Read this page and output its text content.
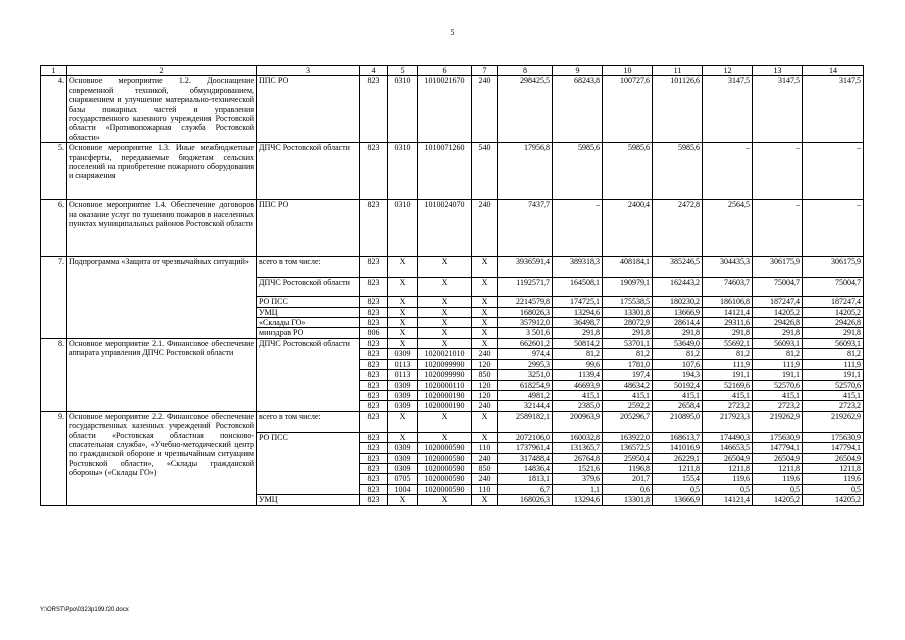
5
1	2	3	4	5	6	7	8	9	10	11	12	13	14
4.	Основное мероприятие 1.2. Дооснащение современной техникой, обмундированием, снаряжением и улучшение материально-технической базы пожарных частей и управления государственного казенного учреждения Ростовской области «Противопожарная служба Ростовской области»	ППС РО	823	0310	1010021670	240	298425,5	68243,8	100727,6	101126,6	3147,5	3147,5	3147,5
5.	Основное мероприятие 1.3. Иные межбюджетные трансферты, передаваемые бюджетам сельских поселений на приобретение пожарного оборудования и снаряжения	ДПЧС Ростовской области	823	0310	1010071260	540	17956,8	5985,6	5985,6	5985,6	–	–	–
6.	Основное мероприятие 1.4. Обеспечение договоров на оказание услуг по тушению пожаров в населенных пунктах муниципальных районов Ростовской области	ППС РО	823	0310	1010024070	240	7437,7	–	2400,4	2472,8	2564,5	–	–
7.	Подпрограмма «Защита от чрезвычайных ситуаций»	всего в том числе:	823	Х	Х	Х	3936591,4	389318,3	408184,1	385246,5	304435,3	306175,9	306175,9
		ДПЧС Ростовской области	823	Х	Х	Х	1192571,7	164508,1	190979,1	162443,2	74603,7	75004,7	75004,7
		РО ПСС	823	Х	Х	Х	2214579,8	174725,1	175538,5	180230,2	186106,8	187247,4	187247,4
		УМЦ	823	Х	Х	Х	168026,3	13294,6	13301,8	13666,9	14121,4	14205,2	14205,2
		«Склады ГО»	823	Х	Х	Х	357912,0	36498,7	28072,9	28614,4	29311,6	29426,8	29426,8
		минздрав РО	806	Х	Х	Х	3 501,6	291,8	291,8	291,8	291,8	291,8	291,8
8.	Основное мероприятие 2.1. Финансовое обеспечение аппарата управления ДПЧС Ростовской области	ДПЧС Ростовской области	823	Х	Х	Х	662601,2	50814,2	53701,1	53649,0	55692,1	56093,1	56093,1
			823	0309	1020021010	240	974,4	81,2	81,2	81,2	81,2	81,2	81,2
			823	0113	1020099990	120	2995,3	99,6	1781,0	107,6	111,9	111,9	111,9
			823	0113	1020099990	850	3251,0	1139,4	197,4	194,3	191,1	191,1	191,1
			823	0309	1020000110	120	618254,9	46693,9	48634,2	50192,4	52169,6	52570,6	52570,6
			823	0309	1020000190	120	4981,2	415,1	415,1	415,1	415,1	415,1	415,1
			823	0309	1020000190	240	32144,4	2385,0	2592,2	2658,4	2723,2	2723,2	2723,2
9.	Основное мероприятие 2.2. Финансовое обеспечение государственных казенных учреждений Ростовской области «Ростовская областная поисково-спасательная служба», «Учебно-методический центр по гражданской обороне и чрезвычайным ситуациям Ростовской области», «Склады гражданской обороны» («Склады ГО»)	всего в том числе:	823	Х	Х	Х	2589182,1	200963,9	205296,7	210895,0	217923,3	219262,9	219262,9
		РО ПСС	823	Х	Х	Х	2072106,0	160032,8	163922,0	168613,7	174490,3	175630,9	175630,9
			823	0309	1020000590	110	1737961,4	131365,7	136572,5	141016,9	146653,5	147794,1	147794,1
			823	0309	1020000590	240	317488,4	26764,8	25950,4	26229,1	26504,9	26504,9	26504,9
			823	0309	1020000590	850	14836,4	1521,6	1196,8	1211,8	1211,8	1211,8	1211,8
			823	0705	1020000590	240	1813,1	379,6	201,7	155,4	119,6	119,6	119,6
			823	1004	1020000590	110	6,7	1,1	0,6	0,5	0,5	0,5	0,5
		УМЦ	823	Х	Х	Х	168026,3	13294,6	13301,8	13666,9	14121,4	14205,2	14205,2
Y:\ORST\Ppo\0323p199.f20.docx
